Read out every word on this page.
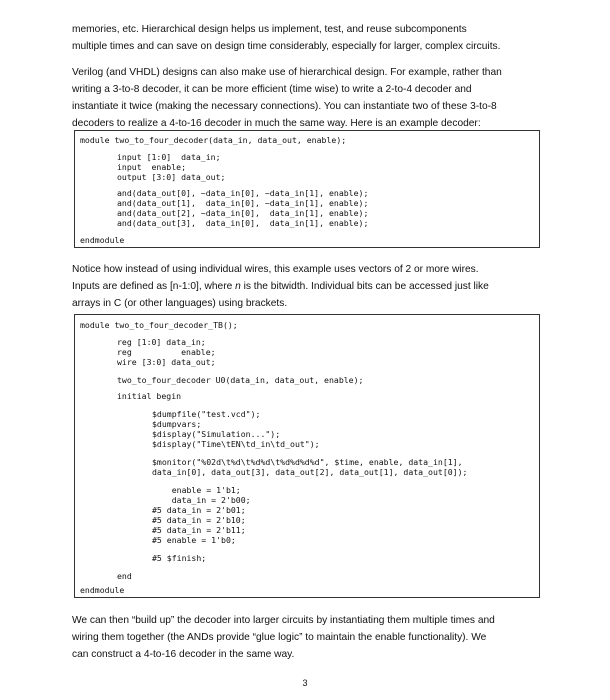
memories, etc. Hierarchical design helps us implement, test, and reuse subcomponents
multiple times and can save on design time considerably, especially for larger, complex circuits.
Verilog (and VHDL) designs can also make use of hierarchical design. For example, rather than
writing a 3-to-8 decoder, it can be more efficient (time wise) to write a 2-to-4 decoder and
instantiate it twice (making the necessary connections). You can instantiate two of these 3-to-8
decoders to realize a 4-to-16 decoder in much the same way. Here is an example decoder:
module two_to_four_decoder(data_in, data_out, enable);
input [1:0]  data_in;
input  enable;
output [3:0] data_out;
and(data_out[0], ~data_in[0], ~data_in[1], enable);
and(data_out[1],  data_in[0], ~data_in[1], enable);
and(data_out[2], ~data_in[0],  data_in[1], enable);
and(data_out[3],  data_in[0],  data_in[1], enable);
endmodule
Notice how instead of using individual wires, this example uses vectors of 2 or more wires.
Inputs are defined as [n-1:0], where n is the bitwidth. Individual bits can be accessed just like
arrays in C (or other languages) using brackets.
module two_to_four_decoder_TB();
reg [1:0] data_in;
reg          enable;
wire [3:0] data_out;
two_to_four_decoder U0(data_in, data_out, enable);
initial begin
$dumpfile("test.vcd");
$dumpvars;
$display("Simulation...");
$display("Time\tEN\td_in\td_out");
$monitor("%02d\t%d\t%d%d\t%d%d%d%d", $time, enable, data_in[1],
data_in[0], data_out[3], data_out[2], data_out[1], data_out[0]);
enable = 1'b1;
data_in = 2'b00;
#5 data_in = 2'b01;
#5 data_in = 2'b10;
#5 data_in = 2'b11;
#5 enable = 1'b0;
#5 $finish;
end
endmodule
We can then “build up” the decoder into larger circuits by instantiating them multiple times and
wiring them together (the ANDs provide “glue logic” to maintain the enable functionality). We
can construct a 4-to-16 decoder in the same way.
3
